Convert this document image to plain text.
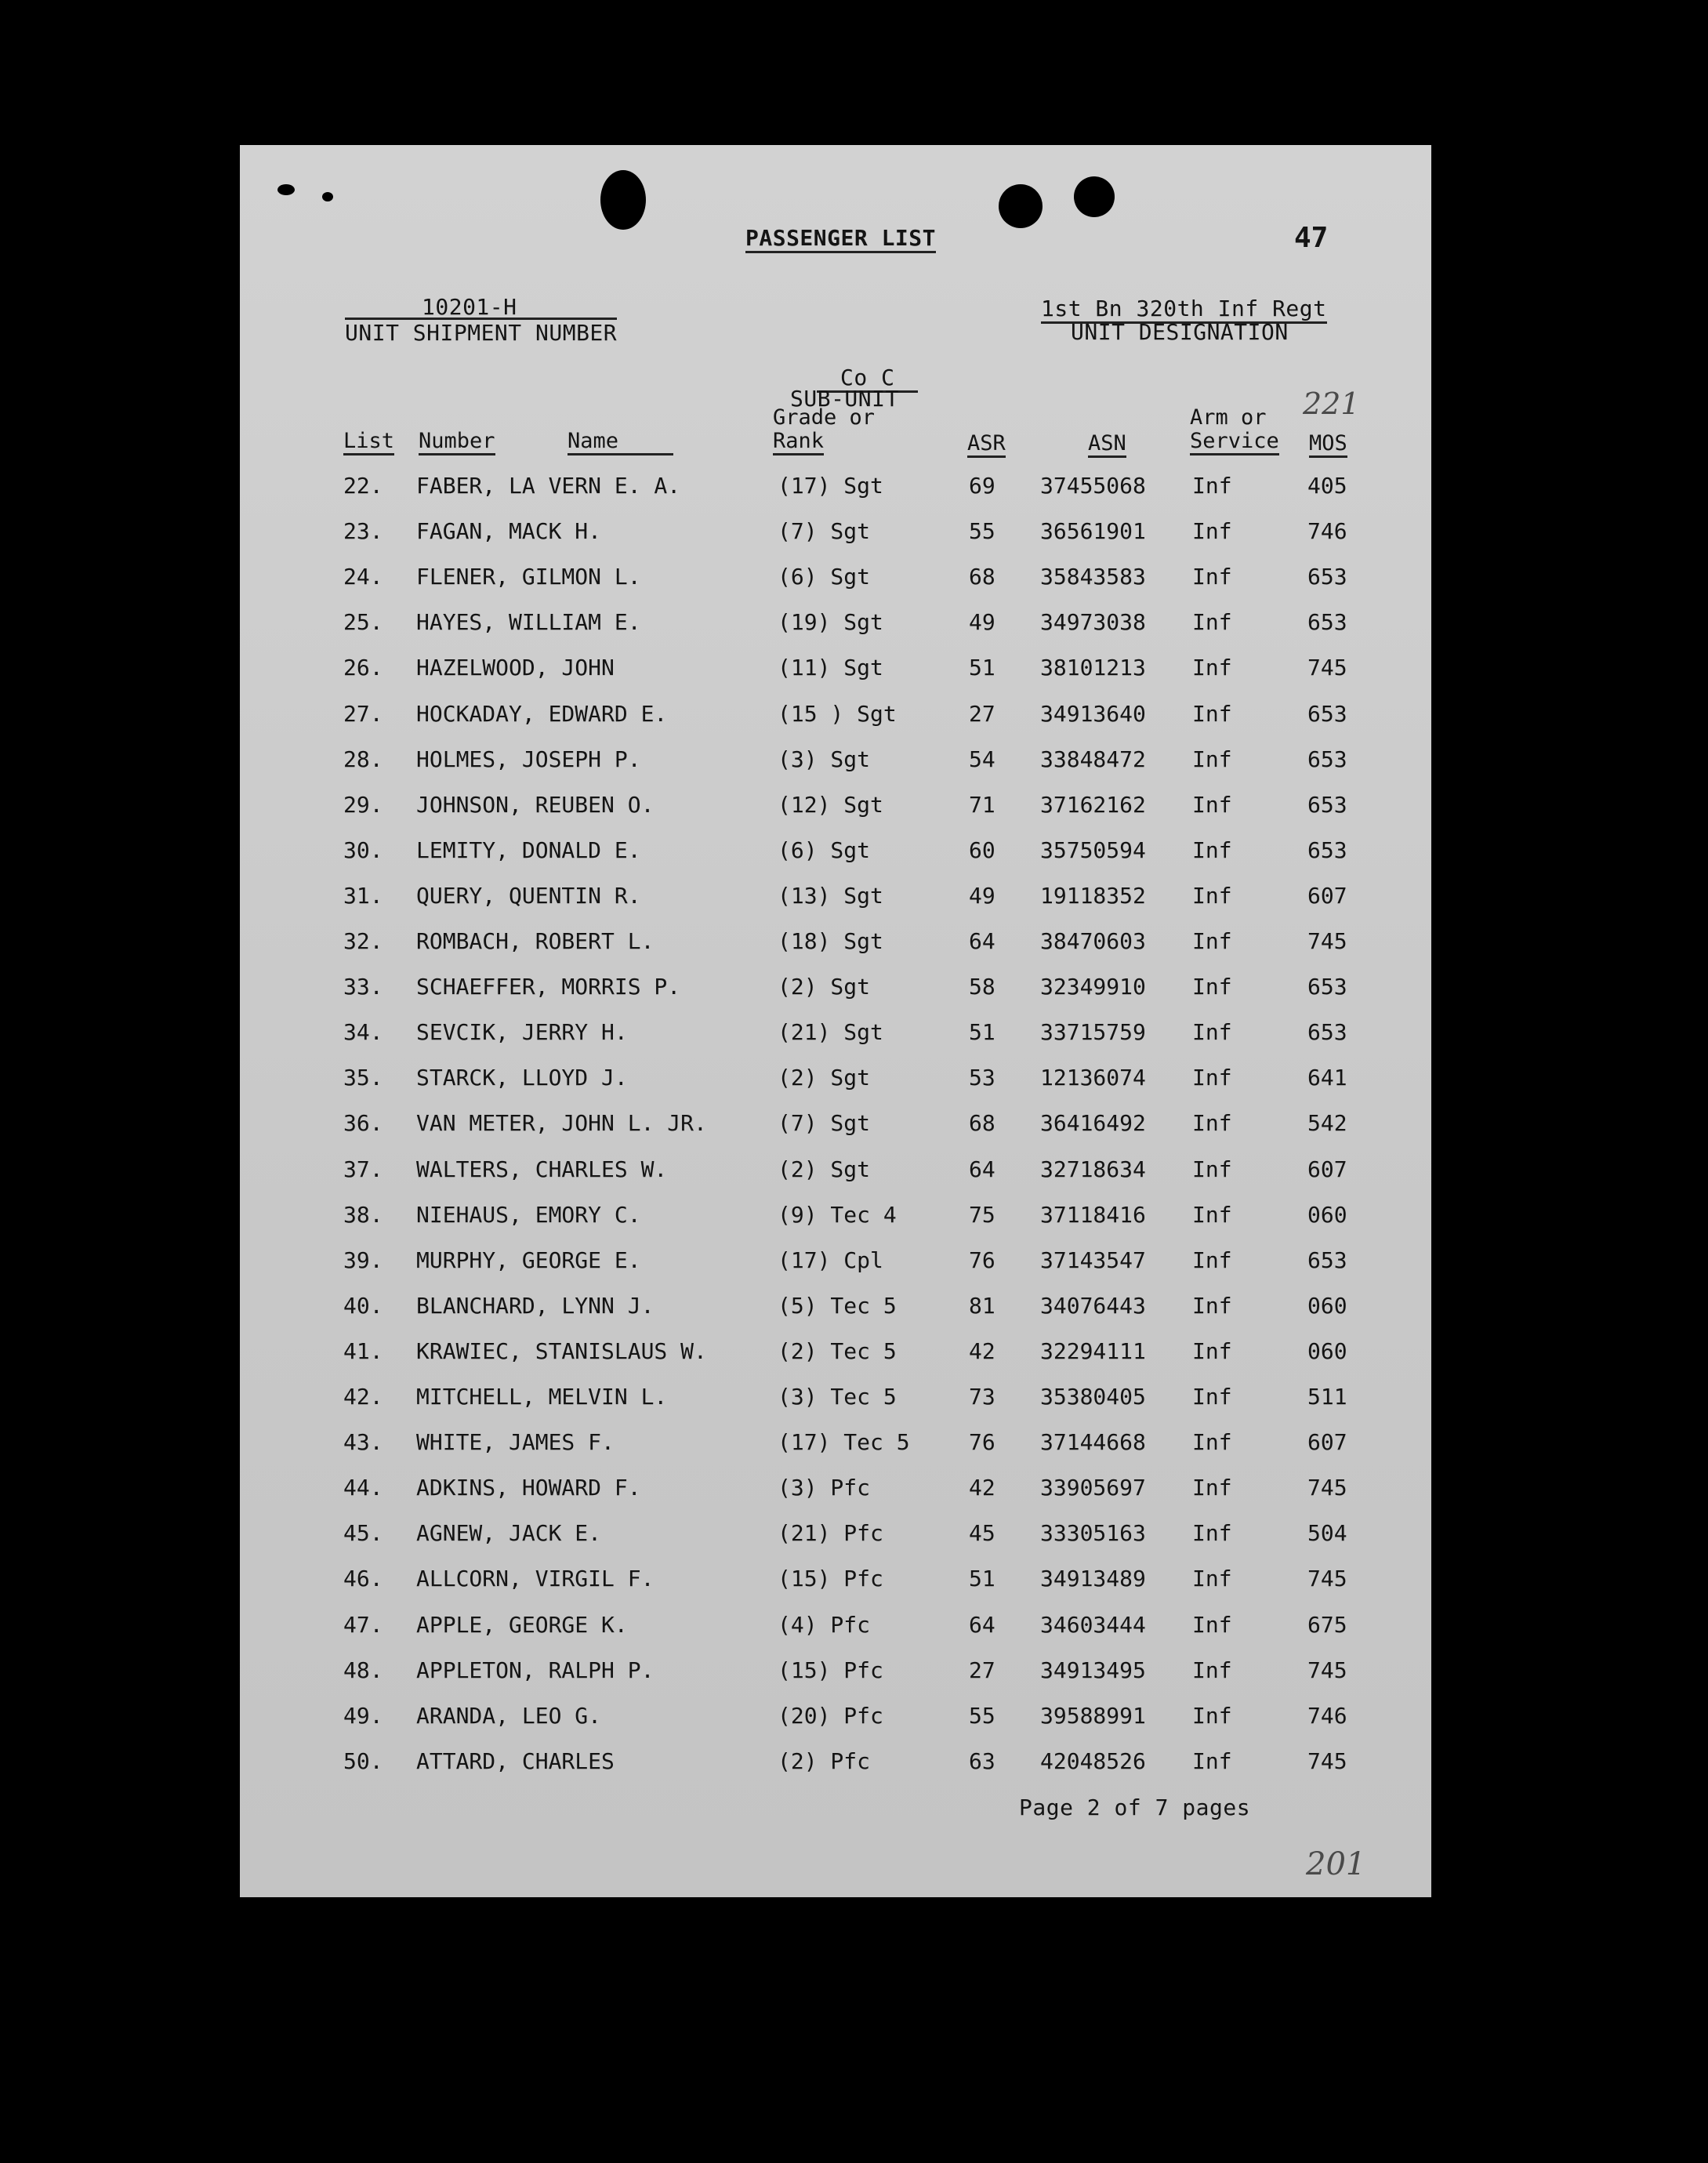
PASSENGER LIST	47
10201-H
UNIT SHIPMENT NUMBER
1st Bn 320th Inf Regt
UNIT DESIGNATION
Co C
SUB-UNIT	221
Grade or	Arm or
List Number	Name	Rank	ASR	ASN	Service MOS
22. FABER, LA VERN E. A.	(17) Sgt	69 37455068 Inf	405
23. FAGAN, MACK H.	(7) Sgt	55 36561901 Inf	746
24. FLENER, GILMON L.	(6) Sgt	68 35843583 Inf	653
25. HAYES, WILLIAM E.	(19) Sgt	49 34973038 Inf	653
26. HAZELWOOD, JOHN	(11) Sgt	51 38101213 Inf	745
27. HOCKADAY, EDWARD E.	(15 ) Sgt	27 34913640 Inf	653
28. HOLMES, JOSEPH P.	(3) Sgt	54 33848472 Inf	653
29. JOHNSON, REUBEN O.	(12) Sgt	71 37162162 Inf	653
30. LEMITY, DONALD E.	(6) Sgt	60 35750594 Inf	653
31. QUERY, QUENTIN R.	(13) Sgt	49 19118352 Inf	607
32. ROMBACH, ROBERT L.	(18) Sgt	64 38470603 Inf	745
33. SCHAEFFER, MORRIS P.	(2) Sgt	58 32349910 Inf	653
34. SEVCIK, JERRY H.	(21) Sgt	51 33715759 Inf	653
35. STARCK, LLOYD J.	(2) Sgt	53 12136074 Inf	641
36. VAN METER, JOHN L. JR.	(7) Sgt	68 36416492 Inf	542
37. WALTERS, CHARLES W.	(2) Sgt	64 32718634 Inf	607
38. NIEHAUS, EMORY C.	(9) Tec 4	75 37118416 Inf	060
39. MURPHY, GEORGE E.	(17) Cpl	76 37143547 Inf	653
40. BLANCHARD, LYNN J.	(5) Tec 5	81 34076443 Inf	060
41. KRAWIEC, STANISLAUS W.	(2) Tec 5	42 32294111 Inf	060
42. MITCHELL, MELVIN L.	(3) Tec 5	73 35380405 Inf	511
43. WHITE, JAMES F.	(17) Tec 5	76 37144668 Inf	607
44. ADKINS, HOWARD F.	(3) Pfc	42 33905697 Inf	745
45. AGNEW, JACK E.	(21) Pfc	45 33305163 Inf	504
46. ALLCORN, VIRGIL F.	(15) Pfc	51 34913489 Inf	745
47. APPLE, GEORGE K.	(4) Pfc	64 34603444 Inf	675
48. APPLETON, RALPH P.	(15) Pfc	27 34913495 Inf	745
49. ARANDA, LEO G.	(20) Pfc	55 39588991 Inf	746
50. ATTARD, CHARLES	(2) Pfc	63 42048526 Inf	745
Page 2 of 7 pages
201
